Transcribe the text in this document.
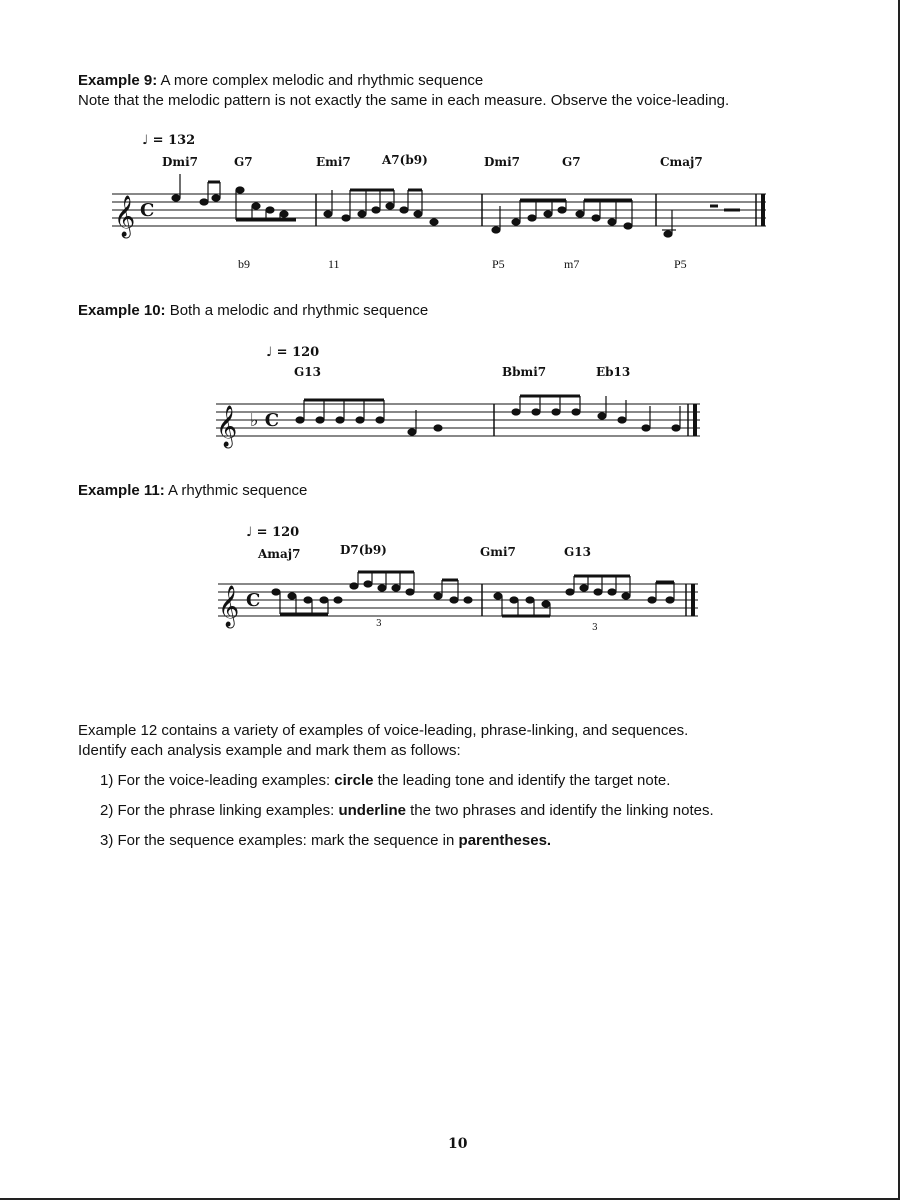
Example 9: A more complex melodic and rhythmic sequence
Note that the melodic pattern is not exactly the same in each measure. Observe the voice-leading.
♩ = 132
Dmi7	G7	Emi7	A7(b9)	Dmi7	G7	Cmaj7
𝄞 C
b9	11	P5	m7	P5
Example 10: Both a melodic and rhythmic sequence
♩ = 120
G13	Bbmi7	Eb13
𝄞 ♭ C
Example 11: A rhythmic sequence
♩ = 120
Amaj7	D7(b9)	Gmi7	G13
𝄞 C
3	3
Example 12 contains a variety of examples of voice-leading, phrase-linking, and sequences.
Identify each analysis example and mark them as follows:
1) For the voice-leading examples: circle the leading tone and identify the target note.
2) For the phrase linking examples: underline the two phrases and identify the linking notes.
3) For the sequence examples: mark the sequence in parentheses.
10
